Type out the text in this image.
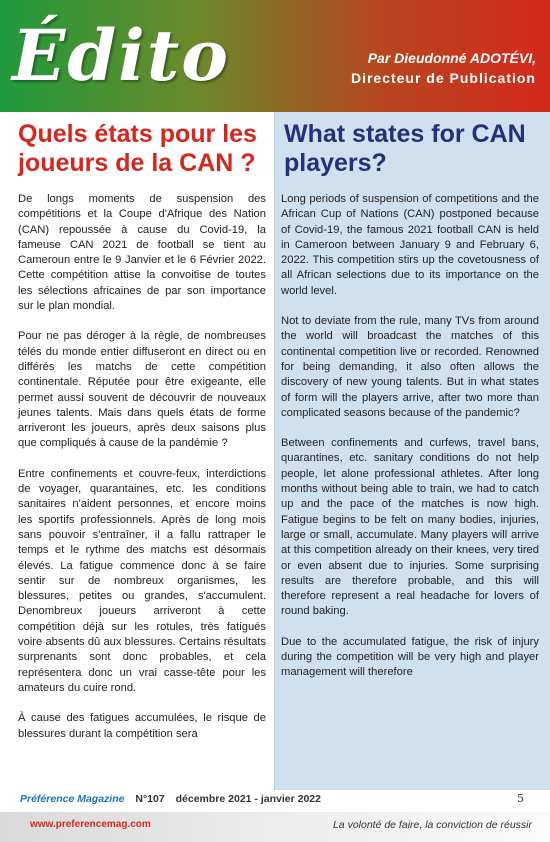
Édito	Par Dieudonné ADOTÉVI,
Directeur de Publication
Quels états pour les joueurs de la CAN ?
What states for CAN players?

De longs moments de suspension des compétitions et la Coupe d'Afrique des Nation (CAN) repoussée à cause du Covid-19, la fameuse CAN 2021 de football se tient au Cameroun entre le 9 Janvier et le 6 Février 2022. Cette compétition attise la convoitise de toutes les sélections africaines de par son importance sur le plan mondial.

Pour ne pas déroger à la règle, de nombreuses télés du monde entier diffuseront en direct ou en différés les matchs de cette compétition continentale. Réputée pour être exigeante, elle permet aussi souvent de découvrir de nouveaux jeunes talents. Mais dans quels états de forme arriveront les joueurs, après deux saisons plus que compliqués à cause de la pandémie ?

Entre confinements et couvre-feux, interdictions de voyager, quarantaines, etc. les conditions sanitaires n'aident personnes, et encore moins les sportifs professionnels. Après de long mois sans pouvoir s'entraîner, il a fallu rattraper le temps et le rythme des matchs est désormais élevés. La fatigue commence donc à se faire sentir sur de nombreux organismes, les blessures, petites ou grandes, s'accumulent. Denombreux joueurs arriveront à cette compétition déjà sur les rotules, très fatigués voire absents dû aux blessures. Certains résultats surprenants sont donc probables, et cela représentera donc un vrai casse-tête pour les amateurs du cuire rond.

À cause des fatigues accumulées, le risque de blessures durant la compétition sera

Long periods of suspension of competitions and the African Cup of Nations (CAN) postponed because of Covid-19, the famous 2021 football CAN is held in Cameroon between January 9 and February 6, 2022. This competition stirs up the covetousness of all African selections due to its importance on the world level.

Not to deviate from the rule, many TVs from around the world will broadcast the matches of this continental competition live or recorded. Renowned for being demanding, it also often allows the discovery of new young talents. But in what states of form will the players arrive, after two more than complicated seasons because of the pandemic?

Between confinements and curfews, travel bans, quarantines, etc. sanitary conditions do not help people, let alone professional athletes. After long months without being able to train, we had to catch up and the pace of the matches is now high. Fatigue begins to be felt on many bodies, injuries, large or small, accumulate. Many players will arrive at this competition already on their knees, very tired or even absent due to injuries. Some surprising results are therefore probable, and this will therefore represent a real headache for lovers of round baking.

Due to the accumulated fatigue, the risk of injury during the competition will be very high and player management will therefore

Préférence Magazine N°107 décembre 2021 - janvier 2022	5
www.preferencemag.com	La volonté de faire, la conviction de réussir
